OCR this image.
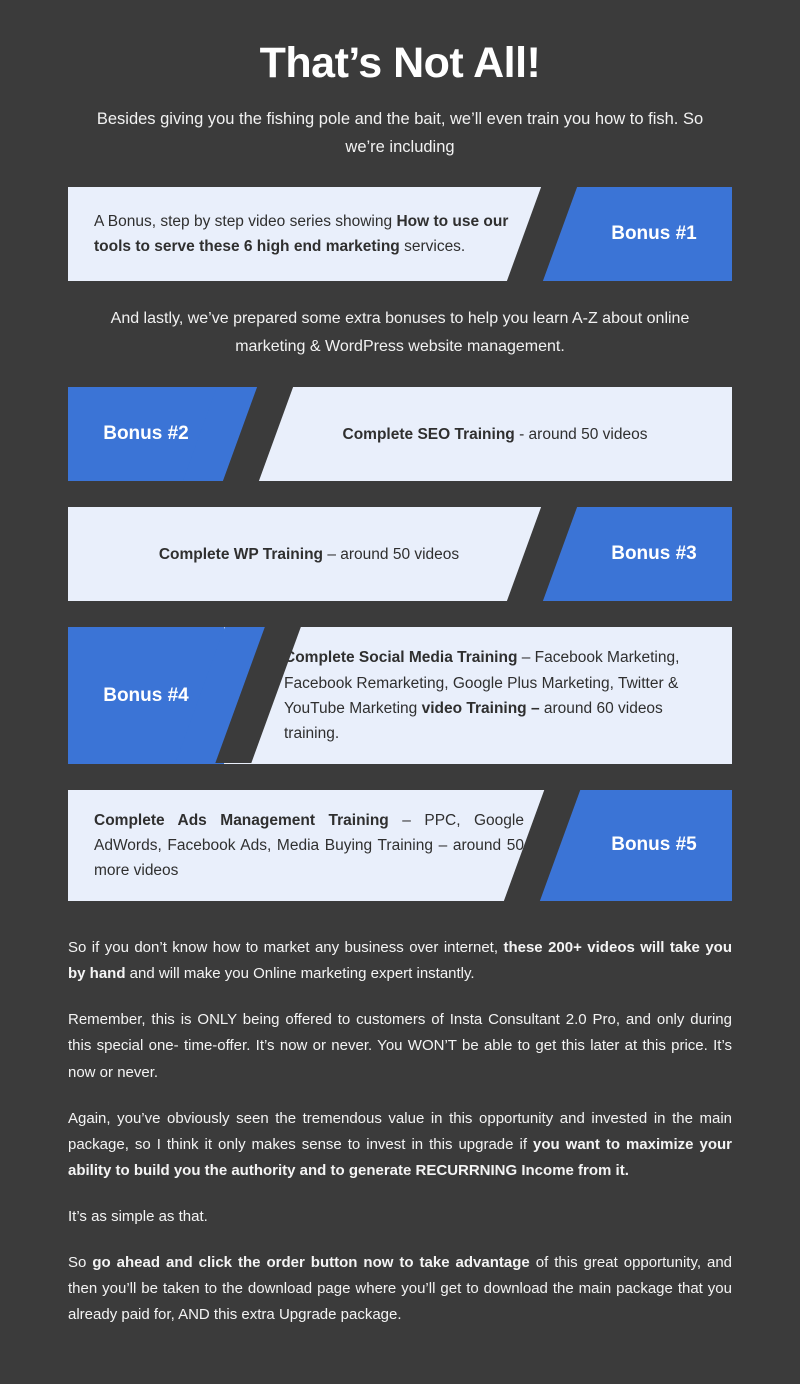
That’s Not All!
Besides giving you the fishing pole and the bait, we’ll even train you how to fish. So we’re including
A Bonus, step by step video series showing How to use our tools to serve these 6 high end marketing services.
Bonus #1
And lastly, we’ve prepared some extra bonuses to help you learn A-Z about online marketing & WordPress website management.
Bonus #2	Complete SEO Training - around 50 videos
Complete WP Training – around 50 videos	Bonus #3
Bonus #4
Complete Social Media Training – Facebook Marketing, Facebook Remarketing, Google Plus Marketing, Twitter & YouTube Marketing video Training – around 60 videos training.
Complete Ads Management Training – PPC, Google AdWords, Facebook Ads, Media Buying Training – around 50 more videos
Bonus #5

So if you don’t know how to market any business over internet, these 200+ videos will take you by hand and will make you Online marketing expert instantly.

Remember, this is ONLY being offered to customers of Insta Consultant 2.0 Pro, and only during this special one- time-offer. It’s now or never. You WON’T be able to get this later at this price. It’s now or never.

Again, you’ve obviously seen the tremendous value in this opportunity and invested in the main package, so I think it only makes sense to invest in this upgrade if you want to maximize your ability to build you the authority and to generate RECURRNING Income from it.

It’s as simple as that.

So go ahead and click the order button now to take advantage of this great opportunity, and then you’ll be taken to the download page where you’ll get to download the main package that you already paid for, AND this extra Upgrade package.
